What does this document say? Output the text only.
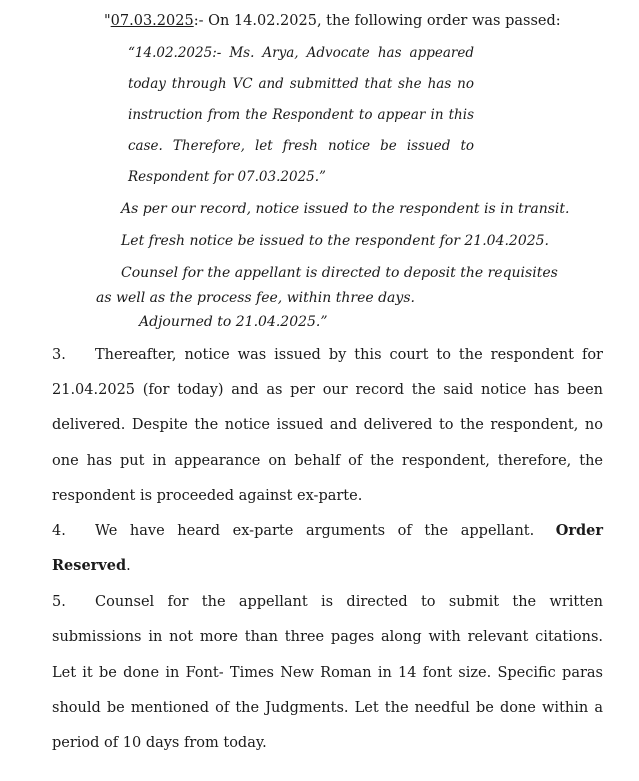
"07.03.2025:- On 14.02.2025, the following order was passed:
“14.02.2025:- Ms. Arya, Advocate has appeared
today through VC and submitted that she has no
instruction from the Respondent to appear in this
case. Therefore, let fresh notice be issued to
Respondent for 07.03.2025.”
As per our record, notice issued to the respondent is in transit.
Let fresh notice be issued to the respondent for 21.04.2025.
Counsel for the appellant is directed to deposit the requisites
as well as the process fee, within three days.
Adjourned to 21.04.2025.”
3. Thereafter, notice was issued by this court to the respondent for
21.04.2025 (for today) and as per our record the said notice has been
delivered. Despite the notice issued and delivered to the respondent, no
one has put in appearance on behalf of the respondent, therefore, the
respondent is proceeded against ex-parte.
4. We have heard ex-parte arguments of the appellant. Order
Reserved.
5. Counsel for the appellant is directed to submit the written
submissions in not more than three pages along with relevant citations.
Let it be done in Font- Times New Roman in 14 font size. Specific paras
should be mentioned of the Judgments. Let the needful be done within a
period of 10 days from today.
